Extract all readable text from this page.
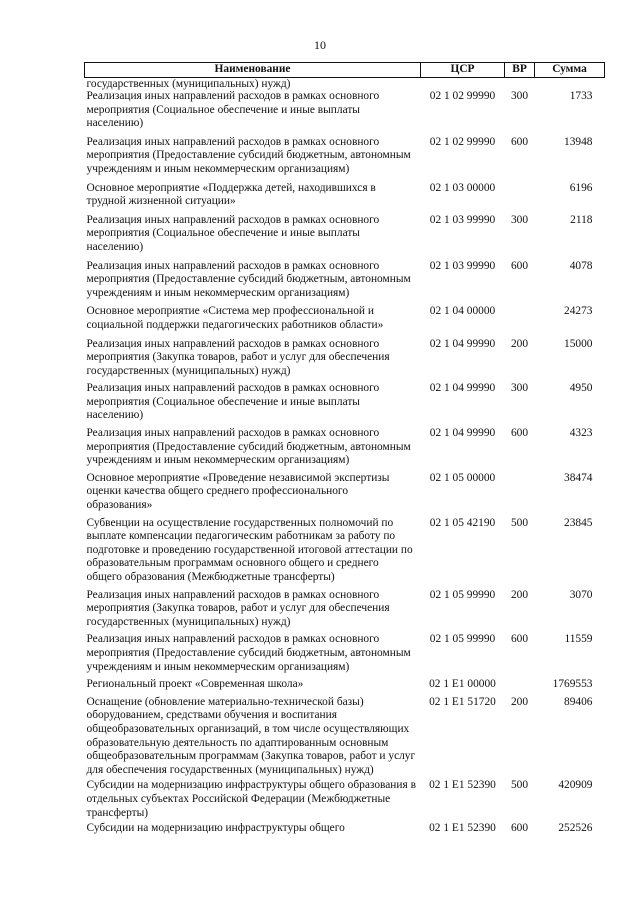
10
Наименование	ЦСР	ВР	Сумма
государственных (муниципальных) нужд)			
Реализация иных направлений расходов в рамках основного мероприятия (Социальное обеспечение и иные выплаты населению)	02 1 02 99990	300	1733
Реализация иных направлений расходов в рамках основного мероприятия (Предоставление субсидий бюджетным, автономным учреждениям и иным некоммерческим организациям)	02 1 02 99990	600	13948
Основное мероприятие «Поддержка детей, находившихся в трудной жизненной ситуации»	02 1 03 00000		6196
Реализация иных направлений расходов в рамках основного мероприятия (Социальное обеспечение и иные выплаты населению)	02 1 03 99990	300	2118
Реализация иных направлений расходов в рамках основного мероприятия (Предоставление субсидий бюджетным, автономным учреждениям и иным некоммерческим организациям)	02 1 03 99990	600	4078
Основное мероприятие «Система мер профессиональной и социальной поддержки педагогических работников области»	02 1 04 00000		24273
Реализация иных направлений расходов в рамках основного мероприятия (Закупка товаров, работ и услуг для обеспечения государственных (муниципальных) нужд)	02 1 04 99990	200	15000
Реализация иных направлений расходов в рамках основного мероприятия (Социальное обеспечение и иные выплаты населению)	02 1 04 99990	300	4950
Реализация иных направлений расходов в рамках основного мероприятия (Предоставление субсидий бюджетным, автономным учреждениям и иным некоммерческим организациям)	02 1 04 99990	600	4323
Основное мероприятие «Проведение независимой экспертизы оценки качества общего среднего профессионального образования»	02 1 05 00000		38474
Субвенции на осуществление государственных полномочий по выплате компенсации педагогическим работникам за работу по подготовке и проведению государственной итоговой аттестации по образовательным программам основного общего и среднего общего образования (Межбюджетные трансферты)	02 1 05 42190	500	23845
Реализация иных направлений расходов в рамках основного мероприятия (Закупка товаров, работ и услуг для обеспечения государственных (муниципальных) нужд)	02 1 05 99990	200	3070
Реализация иных направлений расходов в рамках основного мероприятия (Предоставление субсидий бюджетным, автономным учреждениям и иным некоммерческим организациям)	02 1 05 99990	600	11559
Региональный проект «Современная школа»	02 1 E1 00000		1769553
Оснащение (обновление материально-технической базы) оборудованием, средствами обучения и воспитания общеобразовательных организаций, в том числе осуществляющих образовательную деятельность по адаптированным основным общеобразовательным программам (Закупка товаров, работ и услуг для обеспечения государственных (муниципальных) нужд)	02 1 E1 51720	200	89406
Субсидии на модернизацию инфраструктуры общего образования в отдельных субъектах Российской Федерации (Межбюджетные трансферты)	02 1 E1 52390	500	420909
Субсидии на модернизацию инфраструктуры общего	02 1 E1 52390	600	252526
